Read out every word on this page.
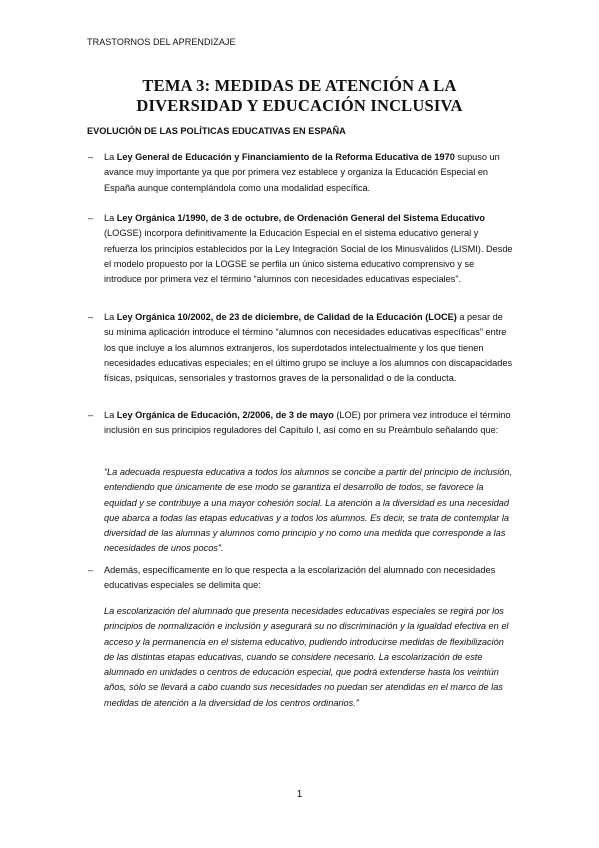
TRASTORNOS DEL APRENDIZAJE
TEMA 3: MEDIDAS DE ATENCIÓN A LA
DIVERSIDAD Y EDUCACIÓN INCLUSIVA
EVOLUCIÓN DE LAS POLÍTICAS EDUCATIVAS EN ESPAÑA
–	La Ley General de Educación y Financiamiento de la Reforma Educativa de 1970 supuso un avance muy importante ya que por primera vez establece y organiza la Educación Especial en España aunque contemplándola como una modalidad específica.
–	La Ley Orgánica 1/1990, de 3 de octubre, de Ordenación General del Sistema Educativo (LOGSE) incorpora definitivamente la Educación Especial en el sistema educativo general y refuerza los principios establecidos por la Ley Integración Social de los Minusválidos (LISMI). Desde el modelo propuesto por la LOGSE se perfila un único sistema educativo comprensivo y se introduce por primera vez el término “alumnos con necesidades educativas especiales”.
–	La Ley Orgánica 10/2002, de 23 de diciembre, de Calidad de la Educación (LOCE) a pesar de su mínima aplicación introduce el término “alumnos con necesidades educativas específicas” entre los que incluye a los alumnos extranjeros, los superdotados intelectualmente y los que tienen necesidades educativas especiales; en el último grupo se incluye a los alumnos con discapacidades físicas, psíquicas, sensoriales y trastornos graves de la personalidad o de la conducta.
–	La Ley Orgánica de Educación, 2/2006, de 3 de mayo (LOE) por primera vez introduce el término inclusión en sus principios reguladores del Capítulo I, así como en su Preámbulo señalando que:
“La adecuada respuesta educativa a todos los alumnos se concibe a partir del principio de inclusión, entendiendo que únicamente de ese modo se garantiza el desarrollo de todos, se favorece la equidad y se contribuye a una mayor cohesión social. La atención a la diversidad es una necesidad que abarca a todas las etapas educativas y a todos los alumnos. Es decir, se trata de contemplar la diversidad de las alumnas y alumnos como principio y no como una medida que corresponde a las necesidades de unos pocos”.
–	Además, específicamente en lo que respecta a la escolarización del alumnado con necesidades educativas especiales se delimita que:
La escolarización del alumnado que presenta necesidades educativas especiales se regirá por los principios de normalización e inclusión y asegurará su no discriminación y la igualdad efectiva en el acceso y la permanencia en el sistema educativo, pudiendo introducirse medidas de flexibilización de las distintas etapas educativas, cuando se considere necesario. La escolarización de este alumnado en unidades o centros de educación especial, que podrá extenderse hasta los veintiún años, sólo se llevará a cabo cuando sus necesidades no puedan ser atendidas en el marco de las medidas de atención a la diversidad de los centros ordinarios.”
1
